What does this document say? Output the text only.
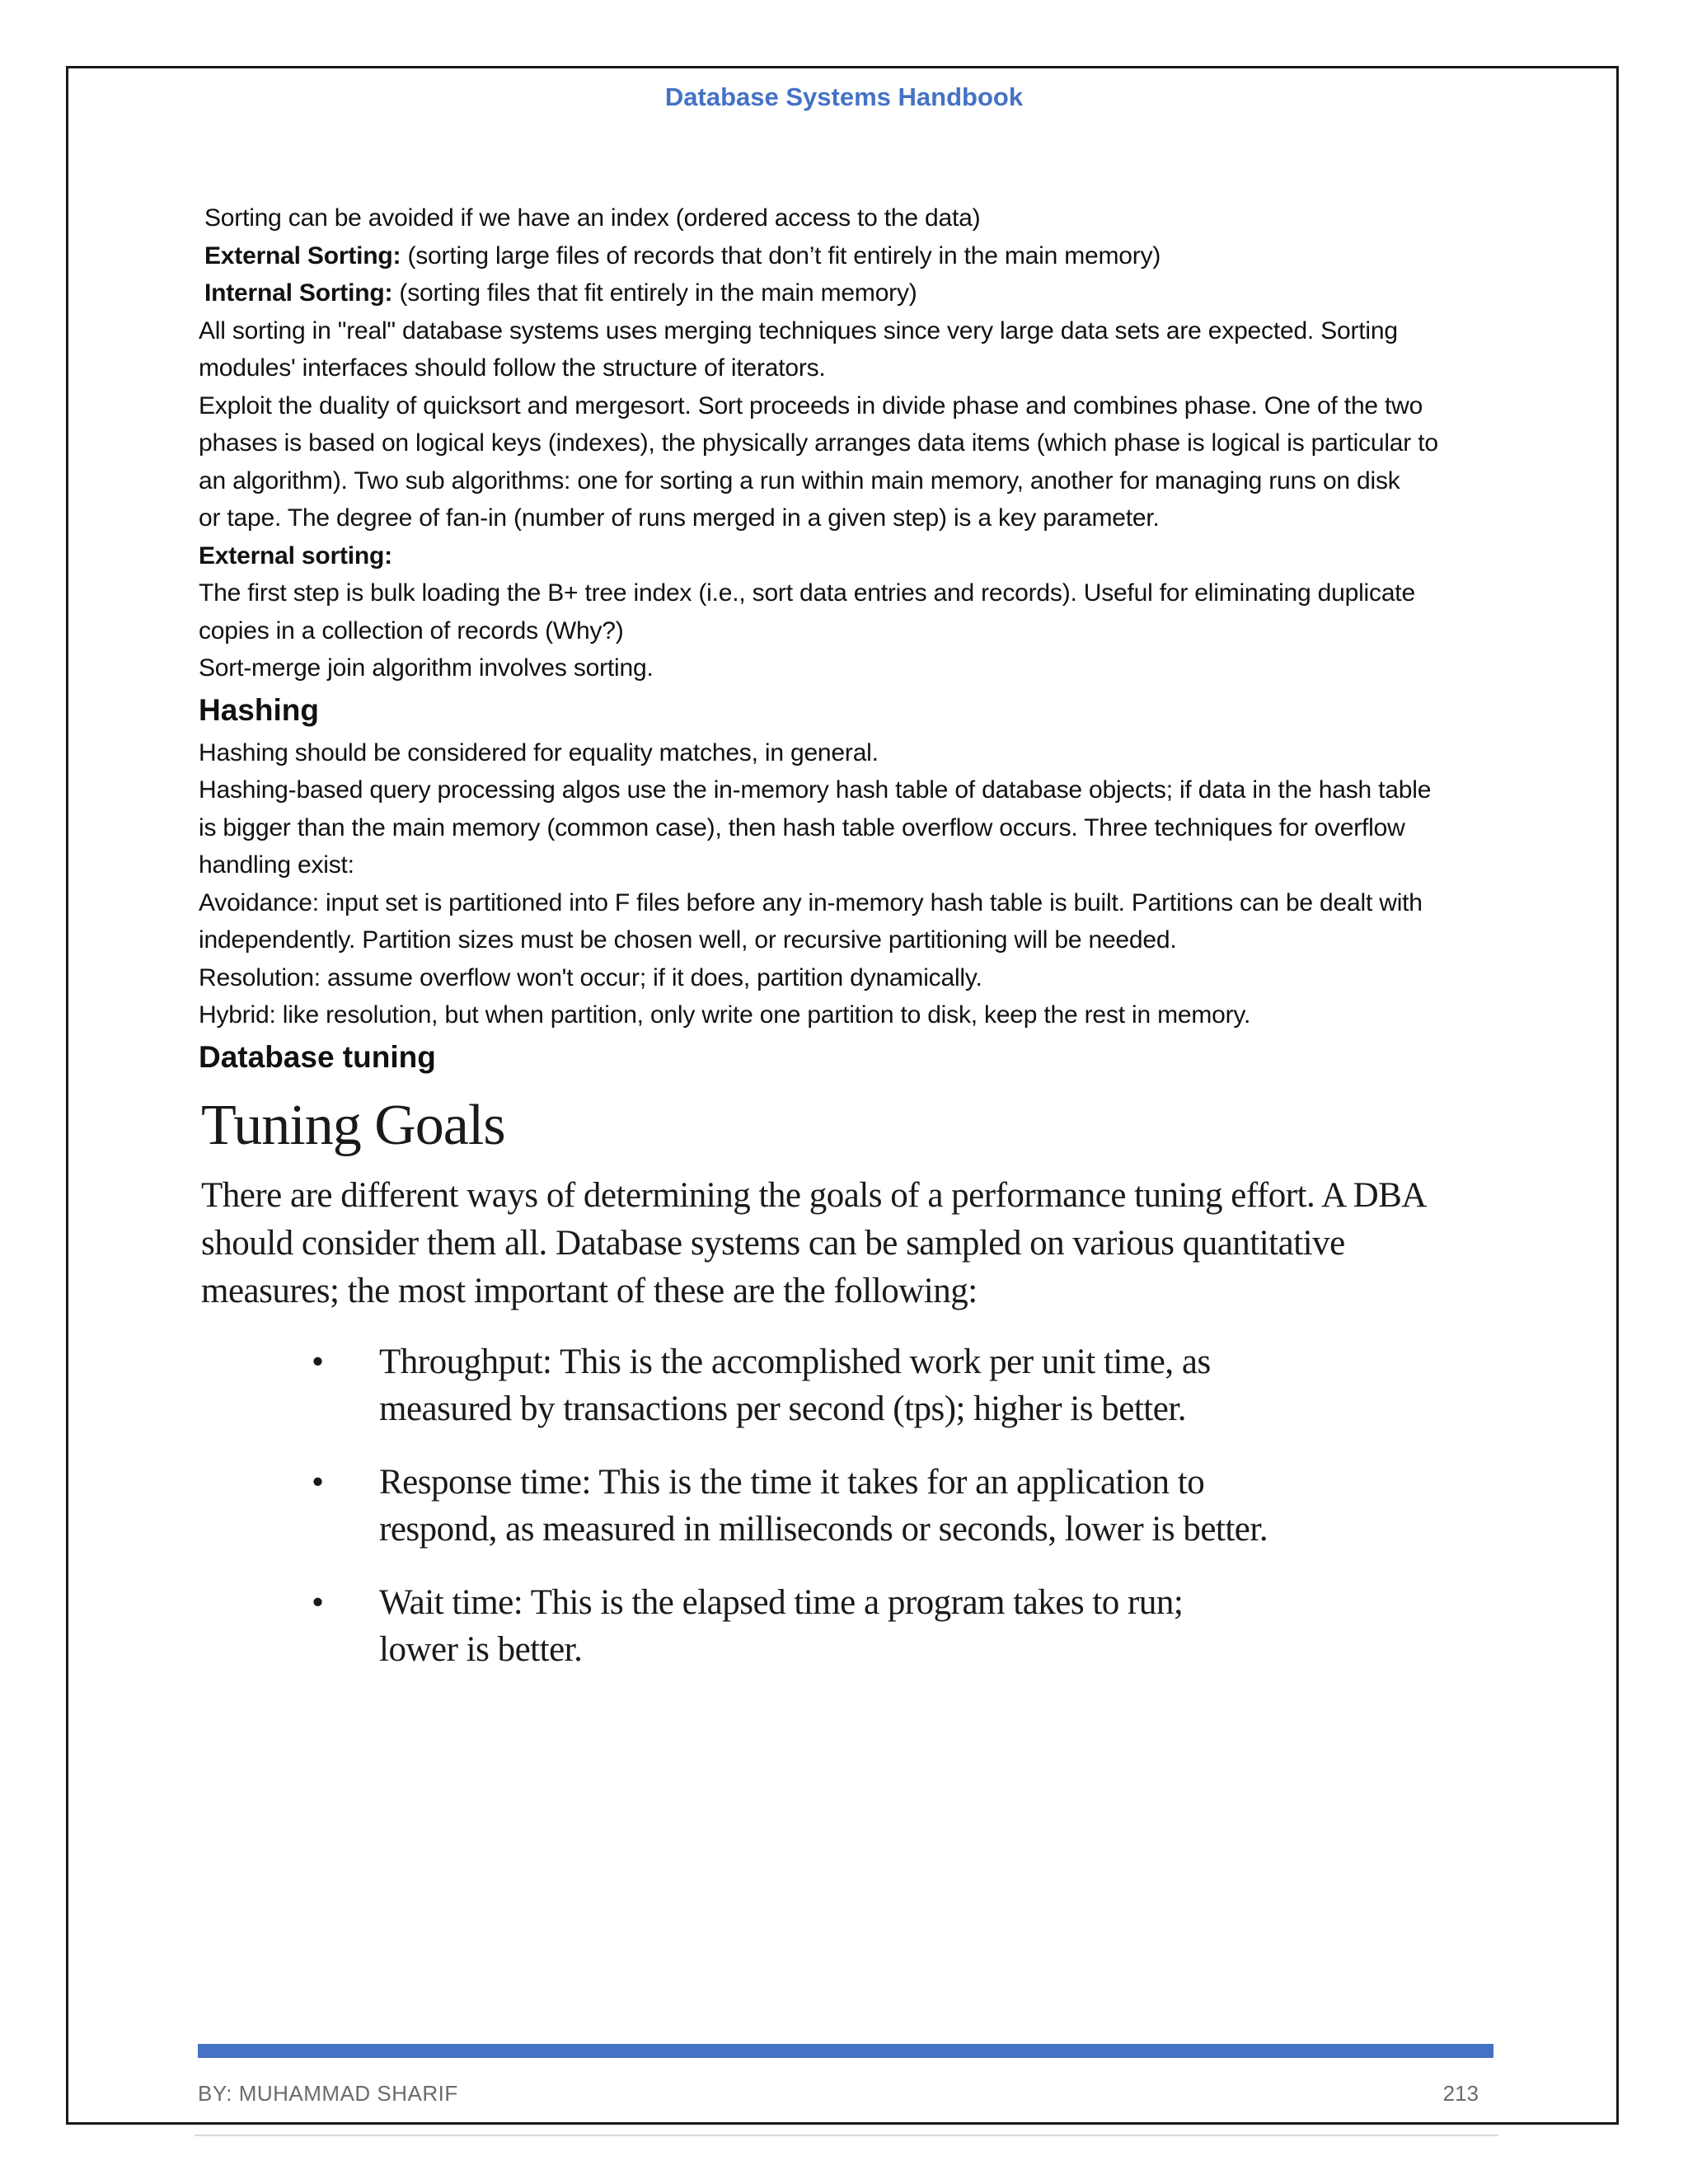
Database Systems Handbook
Sorting can be avoided if we have an index (ordered access to the data)
External Sorting: (sorting large files of records that don’t fit entirely in the main memory)
Internal Sorting: (sorting files that fit entirely in the main memory)
All sorting in "real" database systems uses merging techniques since very large data sets are expected. Sorting
modules' interfaces should follow the structure of iterators.
Exploit the duality of quicksort and mergesort. Sort proceeds in divide phase and combines phase. One of the two
phases is based on logical keys (indexes), the physically arranges data items (which phase is logical is particular to
an algorithm). Two sub algorithms: one for sorting a run within main memory, another for managing runs on disk
or tape. The degree of fan-in (number of runs merged in a given step) is a key parameter.
External sorting:
The first step is bulk loading the B+ tree index (i.e., sort data entries and records). Useful for eliminating duplicate
copies in a collection of records (Why?)
Sort-merge join algorithm involves sorting.
Hashing
Hashing should be considered for equality matches, in general.
Hashing-based query processing algos use the in-memory hash table of database objects; if data in the hash table
is bigger than the main memory (common case), then hash table overflow occurs. Three techniques for overflow
handling exist:
Avoidance: input set is partitioned into F files before any in-memory hash table is built. Partitions can be dealt with
independently. Partition sizes must be chosen well, or recursive partitioning will be needed.
Resolution: assume overflow won't occur; if it does, partition dynamically.
Hybrid: like resolution, but when partition, only write one partition to disk, keep the rest in memory.
Database tuning
Tuning Goals
There are different ways of determining the goals of a performance tuning effort. A DBA
should consider them all. Database systems can be sampled on various quantitative
measures; the most important of these are the following:
• Throughput: This is the accomplished work per unit time, as
measured by transactions per second (tps); higher is better.
• Response time: This is the time it takes for an application to
respond, as measured in milliseconds or seconds, lower is better.
• Wait time: This is the elapsed time a program takes to run;
lower is better.
BY: MUHAMMAD SHARIF	213
